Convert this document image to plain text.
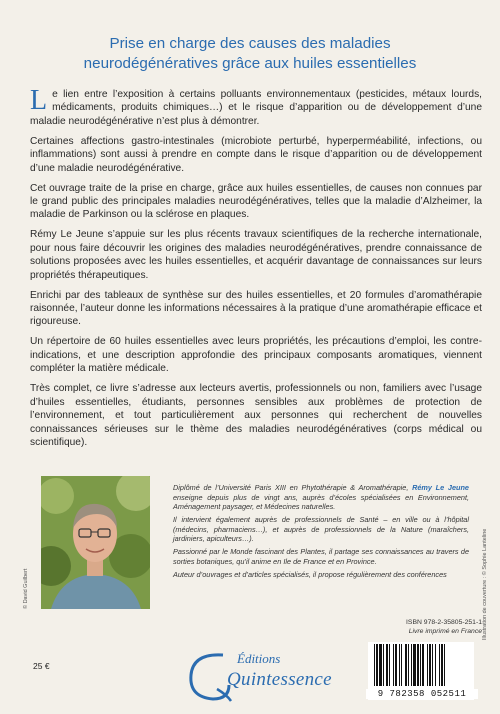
Prise en charge des causes des maladies
neurodégénératives grâce aux huiles essentielles

Le lien entre l’exposition à certains polluants environnementaux (pesticides, métaux lourds, médicaments, produits chimiques…) et le risque d’apparition ou de développement d’une maladie neurodégénérative n’est plus à démontrer.

Certaines affections gastro-intestinales (microbiote perturbé, hyperperméabilité, infections, ou inflammations) sont aussi à prendre en compte dans le risque d’apparition ou de développement d’une maladie neurodégénérative.

Cet ouvrage traite de la prise en charge, grâce aux huiles essentielles, de causes non connues par le grand public des principales maladies neurodégénératives, telles que la maladie d’Alzheimer, la maladie de Parkinson ou la sclérose en plaques.

Rémy Le Jeune s’appuie sur les plus récents travaux scientifiques de la recherche internationale, pour nous faire découvrir les origines des maladies neurodégénératives, prendre connaissance de solutions proposées avec les huiles essentielles, et acquérir davantage de connaissances sur leurs propriétés thérapeutiques.

Enrichi par des tableaux de synthèse sur des huiles essentielles, et 20 formules d’aromathérapie raisonnée, l’auteur donne les informations nécessaires à la pratique d’une aromathérapie efficace et rigoureuse.

Un répertoire de 60 huiles essentielles avec leurs propriétés, les précautions d’emploi, les contre-indications, et une description approfondie des principaux composants aromatiques, viennent compléter la matière médicale.

Très complet, ce livre s’adresse aux lecteurs avertis, professionnels ou non, familiers avec l’usage d’huiles essentielles, étudiants, personnes sensibles aux problèmes de protection de l’environnement, et tout particulièrement aux personnes qui recherchent de nouvelles connaissances sérieuses sur le thème des maladies neurodégénératives (corps médical ou scientifique).

© David Guilbert

Diplômé de l’Université Paris XIII en Phytothérapie & Aromathérapie, Rémy Le Jeune enseigne depuis plus de vingt ans, auprès d’écoles spécialisées en Environnement, Aménagement paysager, et Médecines naturelles.

Il intervient également auprès de professionnels de Santé – en ville ou à l’hôpital (médecins, pharmaciens…), et auprès de professionnels de la Nature (maraîchers, jardiniers, apiculteurs…).

Passionné par le Monde fascinant des Plantes, il partage ses connaissances au travers de sorties botaniques, qu’il anime en Ile de France et en Province.

Auteur d’ouvrages et d’articles spécialisés, il propose régulièrement des conférences	Illustration de couverture : © Sophie Lanteline
ISBN 978-2-35805-251-1
Livre imprimé en France
9 782358 052511
25 €	Éditions
Quintessence
